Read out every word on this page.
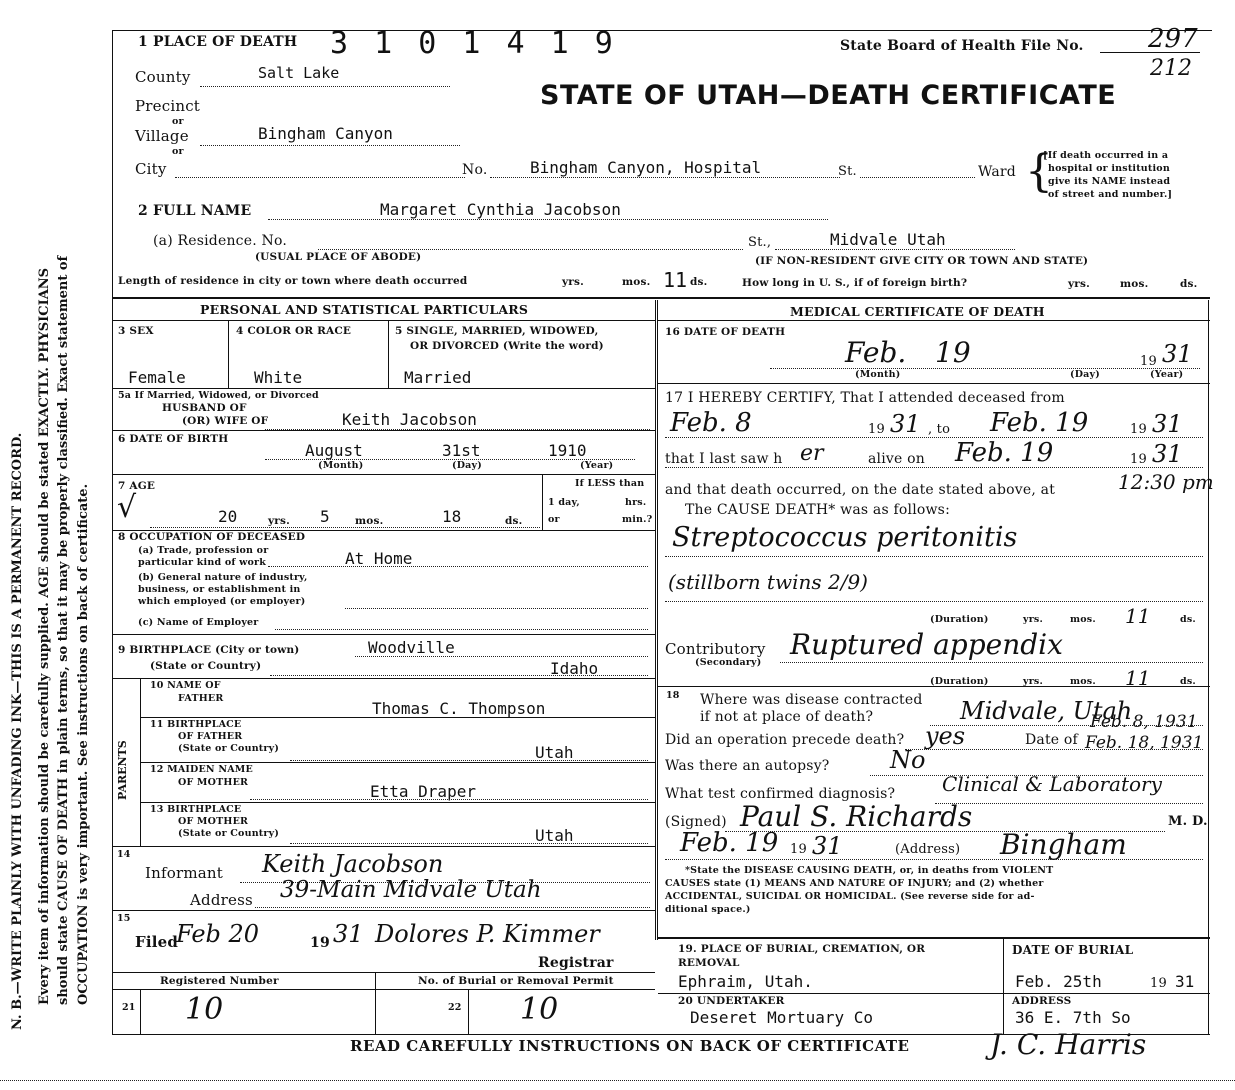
N. B.—WRITE PLAINLY WITH UNFADING INK—THIS IS A PERMANENT RECORD. Every item of information should be carefully supplied. AGE should be stated EXACTLY. PHYSICIANS should state CAUSE OF DEATH in plain terms, so that it may be properly classified. Exact statement of OCCUPATION is very important. See instructions on back of certificate.
3 1 0 1 4 1 9	State Board of Health File No. 297
212
STATE OF UTAH—DEATH CERTIFICATE
1 PLACE OF DEATH
County	Salt Lake
Precinct
or
Village	Bingham Canyon
or
City	No.	Bingham Canyon, Hospital	St.	Ward {
[If death occurred in a
hospital or institution
give its NAME instead
of street and number.]
2 FULL NAME	Margaret Cynthia Jacobson
(a) Residence. No.	St.,	Midvale Utah
(USUAL PLACE OF ABODE)	(IF NON-RESIDENT GIVE CITY OR TOWN AND STATE)
Length of residence in city or town where death occurred	yrs.	mos. 11 ds.	How long in U. S., if of foreign birth?	yrs.	mos.	ds.
PERSONAL AND STATISTICAL PARTICULARS
3 SEX	4 COLOR OR RACE	5 SINGLE, MARRIED, WIDOWED,
OR DIVORCED (Write the word)
Female	White	Married
5a If Married, Widowed, or Divorced
HUSBAND OF
(OR) WIFE OF	Keith Jacobson
6 DATE OF BIRTH
August	31st	1910
(Month)	(Day)	(Year)
7 AGE
√	20	yrs. 5 mos.	18	ds.
If LESS than
1 day,	hrs.
or	min.?
8 OCCUPATION OF DECEASED
(a) Trade, profession or
particular kind of work	At Home
(b) General nature of industry,
business, or establishment in
which employed (or employer)
(c) Name of Employer
9 BIRTHPLACE (City or town)	Woodville
(State or Country)	Idaho
PARENTS
10 NAME OF
FATHER
Thomas C. Thompson
11 BIRTHPLACE
OF FATHER
(State or Country)	Utah
12 MAIDEN NAME
OF MOTHER	Etta Draper
13 BIRTHPLACE
OF MOTHER
(State or Country)	Utah
14
Informant Keith Jacobson
Address 39-Main Midvale Utah
15
Filed
Feb 20	19 31 Dolores P. Kimmer
Registrar
Registered Number	No. of Burial or Removal Permit
21 10	22 10
MEDICAL CERTIFICATE OF DEATH
16 DATE OF DEATH
Feb. 19	19 31
(Month)	(Day)	(Year)
17 I HEREBY CERTIFY, That I attended deceased from
Feb. 8	19 31 , to Feb. 19	19 31
that I last saw h er	alive on Feb. 19	19 31
and that death occurred, on the date stated above, at	12:30 pm
The CAUSE DEATH* was as follows:
Streptococcus peritonitis
(stillborn twins 2/9)
(Duration)	yrs.	mos. 11	ds.
Contributory
(Secondary)
Ruptured appendix
(Duration)	yrs.	mos. 11	ds.
18 Where was disease contracted
if not at place of death?	Midvale, Utah
Did an operation precede death? yes	Date of
Feb. 8, 1931
Feb. 18, 1931
Was there an autopsy?	No
What test confirmed diagnosis? Clinical & Laboratory
(Signed) Paul S. Richards	M. D.
Feb. 19 19 31	(Address) Bingham
*State the DISEASE CAUSING DEATH, or, in deaths from VIOLENT
CAUSES state (1) MEANS AND NATURE OF INJURY; and (2) whether
ACCIDENTAL, SUICIDAL OR HOMICIDAL. (See reverse side for ad-
ditional space.)
19. PLACE OF BURIAL, CREMATION, OR
REMOVAL
Ephraim, Utah.
DATE OF BURIAL
Feb. 25th	19 31
20 UNDERTAKER
Deseret Mortuary Co
ADDRESS
36 E. 7th So
READ CAREFULLY INSTRUCTIONS ON BACK OF CERTIFICATE	J. C. Harris
